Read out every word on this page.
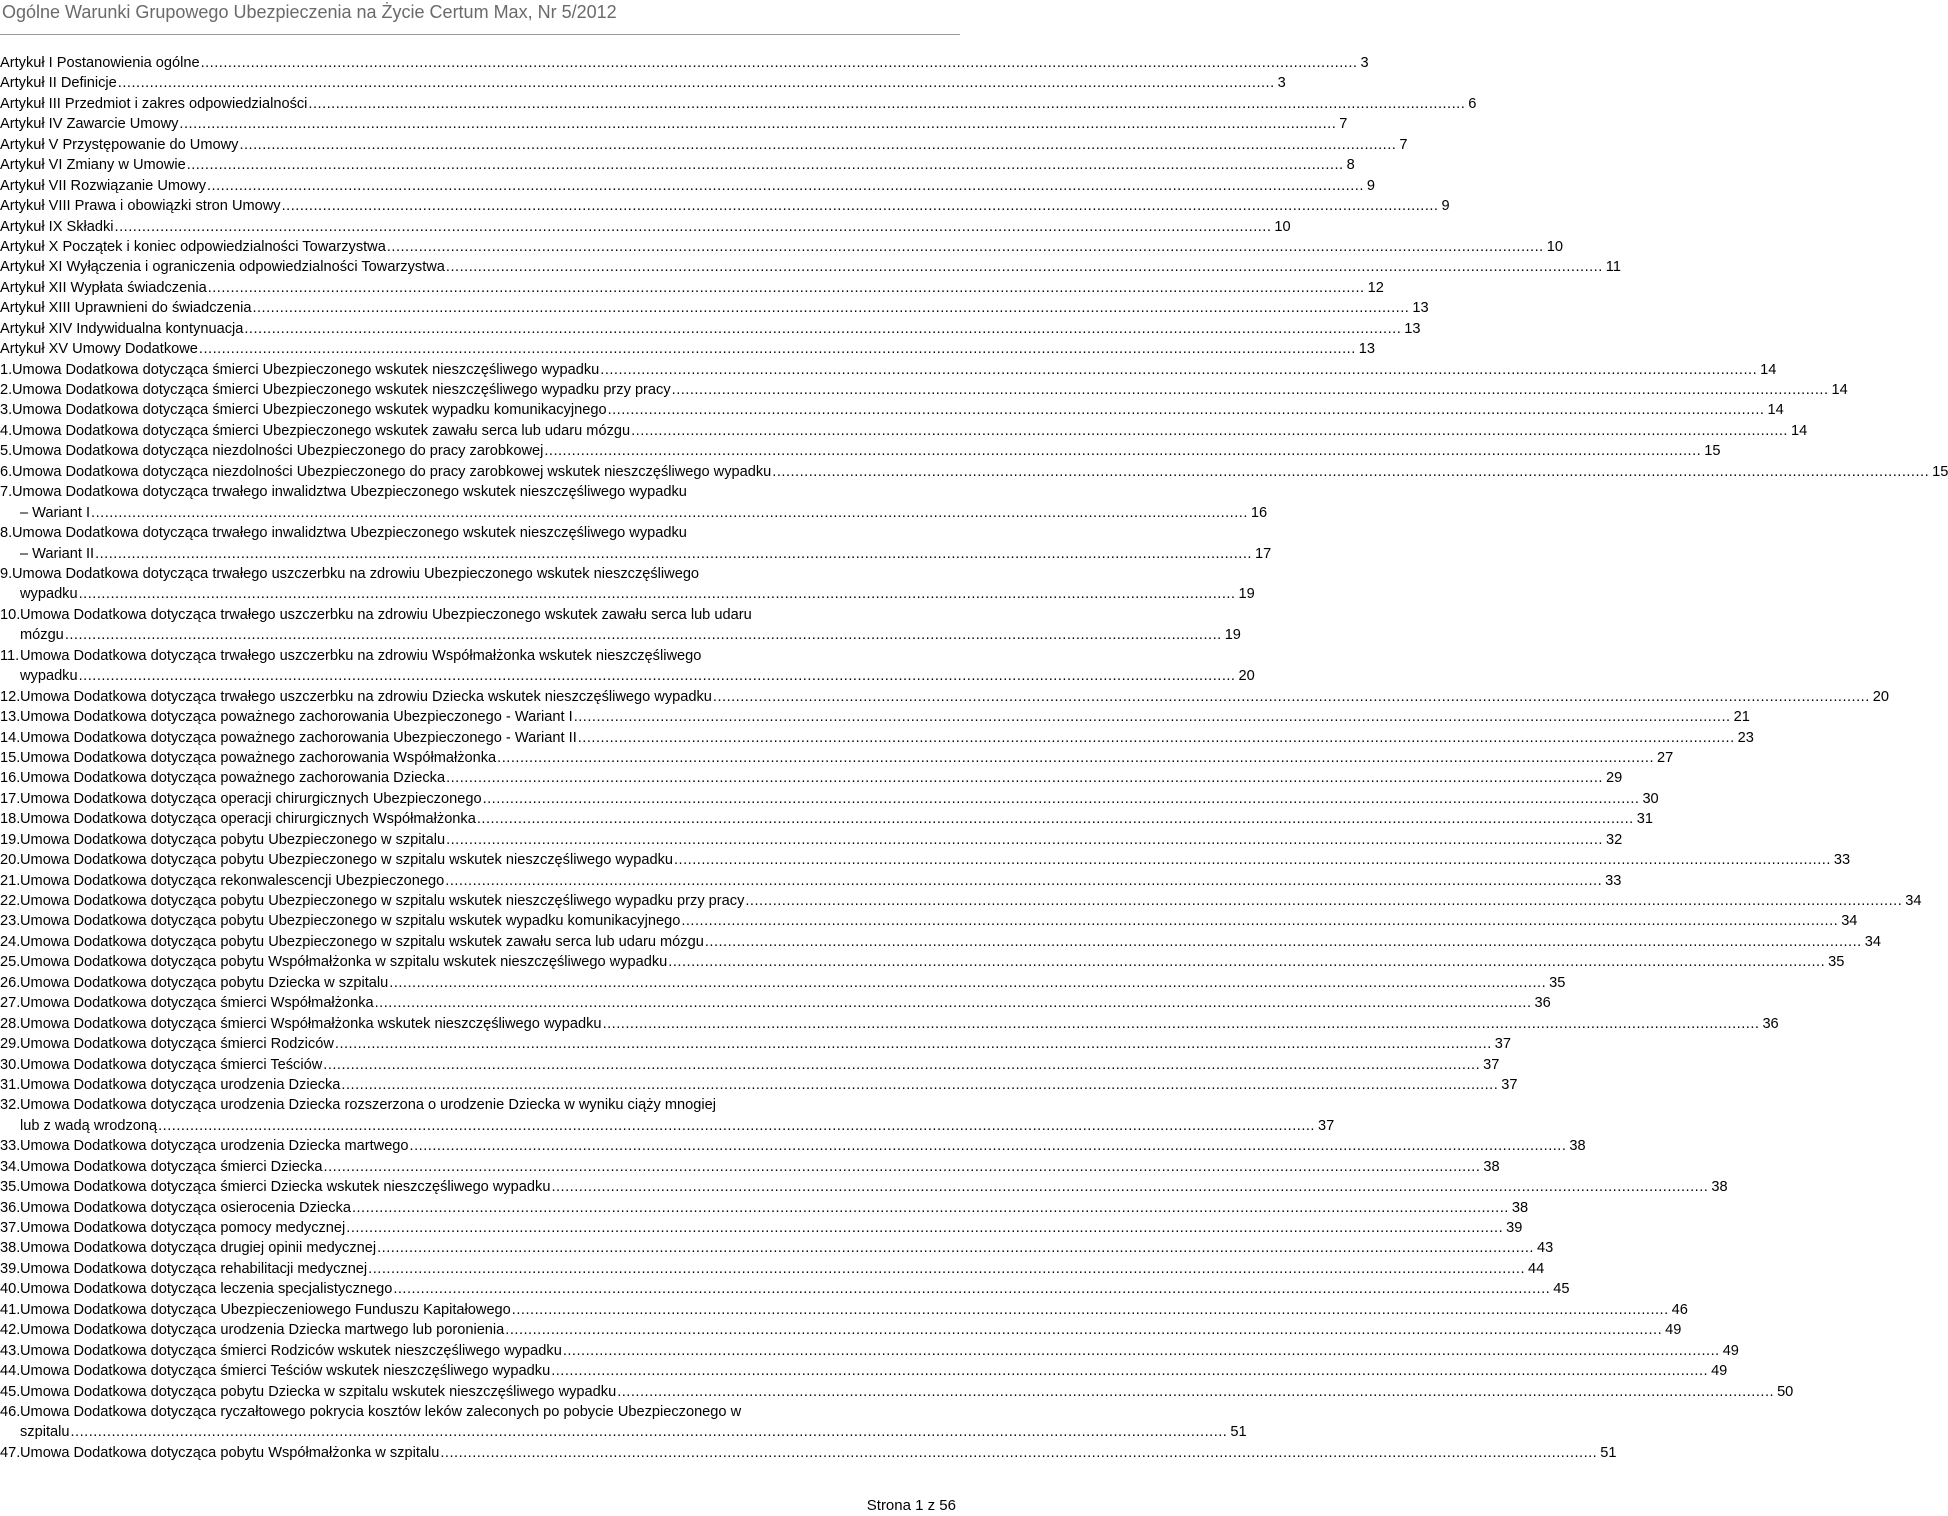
Ogólne Warunki Grupowego Ubezpieczenia na Życie Certum Max, Nr 5/2012
Artykuł I Postanowienia ogólne .....	3
Artykuł II Definicje .....	3
Artykuł III Przedmiot i zakres odpowiedzialności .....	6
Artykuł IV Zawarcie Umowy .....	7
Artykuł V Przystępowanie do Umowy .....	7
Artykuł VI Zmiany w Umowie .....	8
Artykuł VII Rozwiązanie Umowy .....	9
Artykuł VIII Prawa i obowiązki stron Umowy .....	9
Artykuł IX Składki .....	10
Artykuł X Początek i koniec odpowiedzialności Towarzystwa .....	10
Artykuł XI Wyłączenia i ograniczenia odpowiedzialności Towarzystwa .....	11
Artykuł XII Wypłata świadczenia .....	12
Artykuł XIII Uprawnieni do świadczenia .....	13
Artykuł XIV Indywidualna kontynuacja .....	13
Artykuł XV Umowy Dodatkowe .....	13
1. Umowa Dodatkowa dotycząca śmierci Ubezpieczonego wskutek nieszczęśliwego wypadku .....	14
2. Umowa Dodatkowa dotycząca śmierci Ubezpieczonego wskutek nieszczęśliwego wypadku przy pracy .....	14
3. Umowa Dodatkowa dotycząca śmierci Ubezpieczonego wskutek wypadku komunikacyjnego .....	14
4. Umowa Dodatkowa dotycząca śmierci Ubezpieczonego wskutek zawału serca lub udaru mózgu .....	14
5. Umowa Dodatkowa dotycząca niezdolności Ubezpieczonego do pracy zarobkowej .....	15
6. Umowa Dodatkowa dotycząca niezdolności Ubezpieczonego do pracy zarobkowej wskutek nieszczęśliwego wypadku .....	15
7. Umowa Dodatkowa dotycząca trwałego inwalidztwa Ubezpieczonego wskutek nieszczęśliwego wypadku
– Wariant I .....	16
8. Umowa Dodatkowa dotycząca trwałego inwalidztwa Ubezpieczonego wskutek nieszczęśliwego wypadku
– Wariant II .....	17
9. Umowa Dodatkowa dotycząca trwałego uszczerbku na zdrowiu Ubezpieczonego wskutek nieszczęśliwego
wypadku .....	19
10. Umowa Dodatkowa dotycząca trwałego uszczerbku na zdrowiu Ubezpieczonego wskutek zawału serca lub udaru
mózgu .....	19
11. Umowa Dodatkowa dotycząca trwałego uszczerbku na zdrowiu Współmałżonka wskutek nieszczęśliwego
wypadku .....	20
12. Umowa Dodatkowa dotycząca trwałego uszczerbku na zdrowiu Dziecka wskutek nieszczęśliwego wypadku .....	20
13. Umowa Dodatkowa dotycząca poważnego zachorowania Ubezpieczonego - Wariant I .....	21
14. Umowa Dodatkowa dotycząca poważnego zachorowania Ubezpieczonego - Wariant II .....	23
15. Umowa Dodatkowa dotycząca poważnego zachorowania Współmałżonka .....	27
16. Umowa Dodatkowa dotycząca poważnego zachorowania Dziecka .....	29
17. Umowa Dodatkowa dotycząca operacji chirurgicznych Ubezpieczonego .....	30
18. Umowa Dodatkowa dotycząca operacji chirurgicznych Współmałżonka .....	31
19. Umowa Dodatkowa dotycząca pobytu Ubezpieczonego w szpitalu .....	32
20. Umowa Dodatkowa dotycząca pobytu Ubezpieczonego w szpitalu wskutek nieszczęśliwego wypadku .....	33
21. Umowa Dodatkowa dotycząca rekonwalescencji Ubezpieczonego .....	33
22. Umowa Dodatkowa dotycząca pobytu Ubezpieczonego w szpitalu wskutek nieszczęśliwego wypadku przy pracy .....	34
23. Umowa Dodatkowa dotycząca pobytu Ubezpieczonego w szpitalu wskutek wypadku komunikacyjnego .....	34
24. Umowa Dodatkowa dotycząca pobytu Ubezpieczonego w szpitalu wskutek zawału serca lub udaru mózgu .....	34
25. Umowa Dodatkowa dotycząca pobytu Współmałżonka w szpitalu wskutek nieszczęśliwego wypadku .....	35
26. Umowa Dodatkowa dotycząca pobytu Dziecka w szpitalu .....	35
27. Umowa Dodatkowa dotycząca śmierci Współmałżonka .....	36
28. Umowa Dodatkowa dotycząca śmierci Współmałżonka wskutek nieszczęśliwego wypadku .....	36
29. Umowa Dodatkowa dotycząca śmierci Rodziców .....	37
30. Umowa Dodatkowa dotycząca śmierci Teściów .....	37
31. Umowa Dodatkowa dotycząca urodzenia Dziecka .....	37
32. Umowa Dodatkowa dotycząca urodzenia Dziecka rozszerzona o urodzenie Dziecka w wyniku ciąży mnogiej
lub z wadą wrodzoną .....	37
33. Umowa Dodatkowa dotycząca urodzenia Dziecka martwego .....	38
34. Umowa Dodatkowa dotycząca śmierci Dziecka .....	38
35. Umowa Dodatkowa dotycząca śmierci Dziecka wskutek nieszczęśliwego wypadku .....	38
36. Umowa Dodatkowa dotycząca osierocenia Dziecka .....	38
37. Umowa Dodatkowa dotycząca pomocy medycznej .....	39
38. Umowa Dodatkowa dotycząca drugiej opinii medycznej .....	43
39. Umowa Dodatkowa dotycząca rehabilitacji medycznej .....	44
40. Umowa Dodatkowa dotycząca leczenia specjalistycznego .....	45
41. Umowa Dodatkowa dotycząca Ubezpieczeniowego Funduszu Kapitałowego .....	46
42. Umowa Dodatkowa dotycząca urodzenia Dziecka martwego lub poronienia .....	49
43. Umowa Dodatkowa dotycząca śmierci Rodziców wskutek nieszczęśliwego wypadku .....	49
44. Umowa Dodatkowa dotycząca śmierci Teściów wskutek nieszczęśliwego wypadku .....	49
45. Umowa Dodatkowa dotycząca pobytu Dziecka w szpitalu wskutek nieszczęśliwego wypadku .....	50
46. Umowa Dodatkowa dotycząca ryczałtowego pokrycia kosztów leków zaleconych po pobycie Ubezpieczonego w
szpitalu .....	51
47. Umowa Dodatkowa dotycząca pobytu Współmałżonka w szpitalu .....	51
Strona 1 z 56
